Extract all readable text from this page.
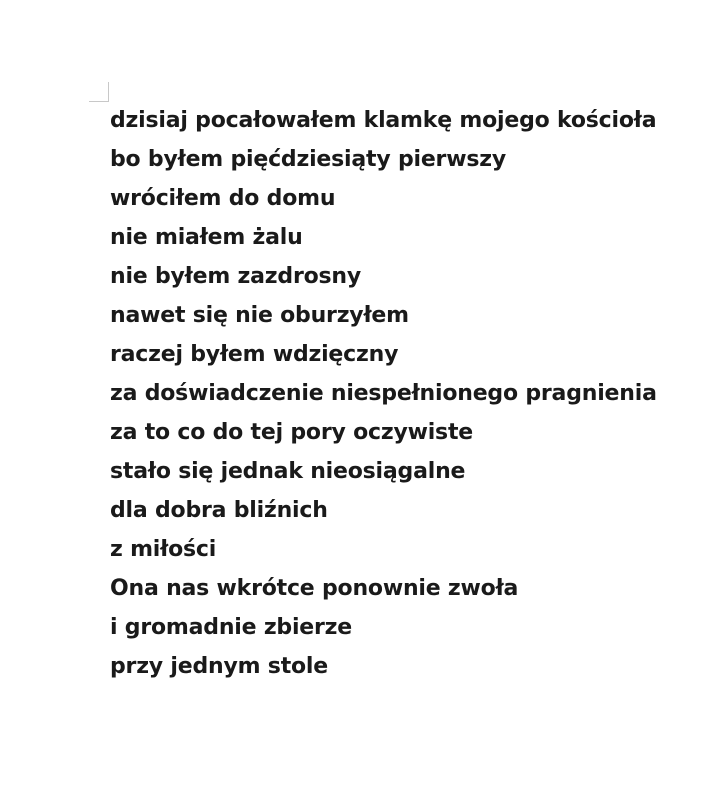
dzisiaj pocałowałem klamkę mojego kościoła
bo byłem pięćdziesiąty pierwszy
wróciłem do domu
nie miałem żalu
nie byłem zazdrosny
nawet się nie oburzyłem
raczej byłem wdzięczny
za doświadczenie niespełnionego pragnienia
za to co do tej pory oczywiste
stało się jednak nieosiągalne
dla dobra bliźnich
z miłości
Ona nas wkrótce ponownie zwoła
i gromadnie zbierze
przy jednym stole
